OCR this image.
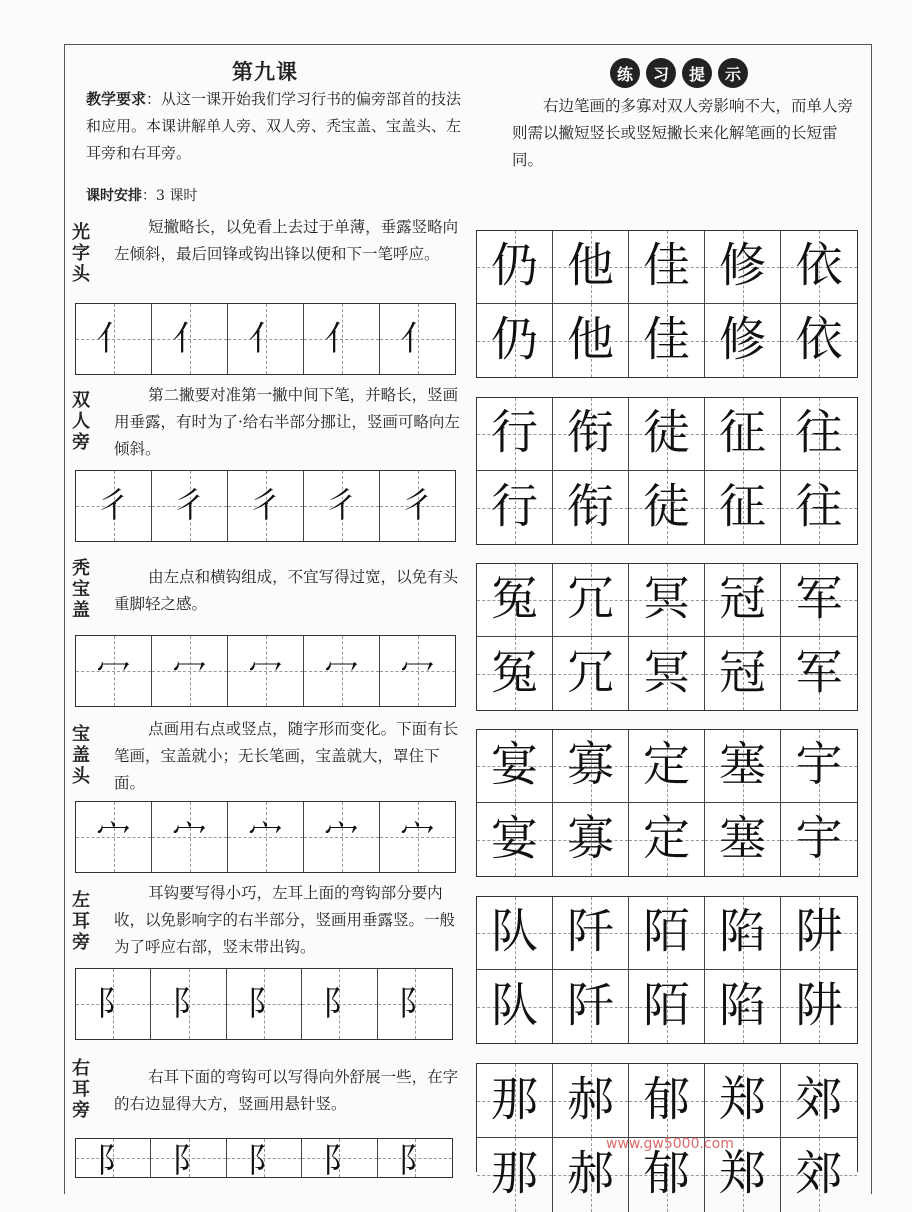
第九课
教学要求：从这一课开始我们学习行书的偏旁部首的技法和应用。本课讲解单人旁、双人旁、秃宝盖、宝盖头、左耳旁和右耳旁。
课时安排：3 课时
练	习	提	示
右边笔画的多寡对双人旁影响不大，而单人旁则需以撇短竖长或竖短撇长来化解笔画的长短雷同。
光字头
短撇略长，以免看上去过于单薄，垂露竖略向左倾斜，最后回锋或钩出锋以便和下一笔呼应。
亻	亻	亻	亻	亻
双人旁
第二撇要对准第一撇中间下笔，并略长，竖画用垂露，有时为了·给右半部分挪让，竖画可略向左倾斜。
彳	彳	彳	彳	彳
秃宝盖
由左点和横钩组成，不宜写得过宽，以免有头重脚轻之感。
冖	冖	冖	冖	冖
宝盖头
点画用右点或竖点，随字形而变化。下面有长笔画，宝盖就小；无长笔画，宝盖就大，罩住下面。
宀	宀	宀	宀	宀
左耳旁
耳钩要写得小巧，左耳上面的弯钩部分要内收，以免影响字的右半部分，竖画用垂露竖。一般为了呼应右部，竖末带出钩。
阝	阝	阝	阝	阝
右耳旁
右耳下面的弯钩可以写得向外舒展一些，在字的右边显得大方，竖画用悬针竖。
阝	阝	阝	阝	阝
仍 他 佳 修 依
仍 他 佳 修 依
行 衔 徒 征 往
行 衔 徒 征 往
冤 冗 冥 冠 军
冤 冗 冥 冠 军
宴 寡 定 塞 宇
宴 寡 定 塞 宇
队 阡 陌 陷 阱
队 阡 陌 陷 阱
那 郝 郁 郑 郊
那 郝 郁 郑 郊
www.gw5000.com
